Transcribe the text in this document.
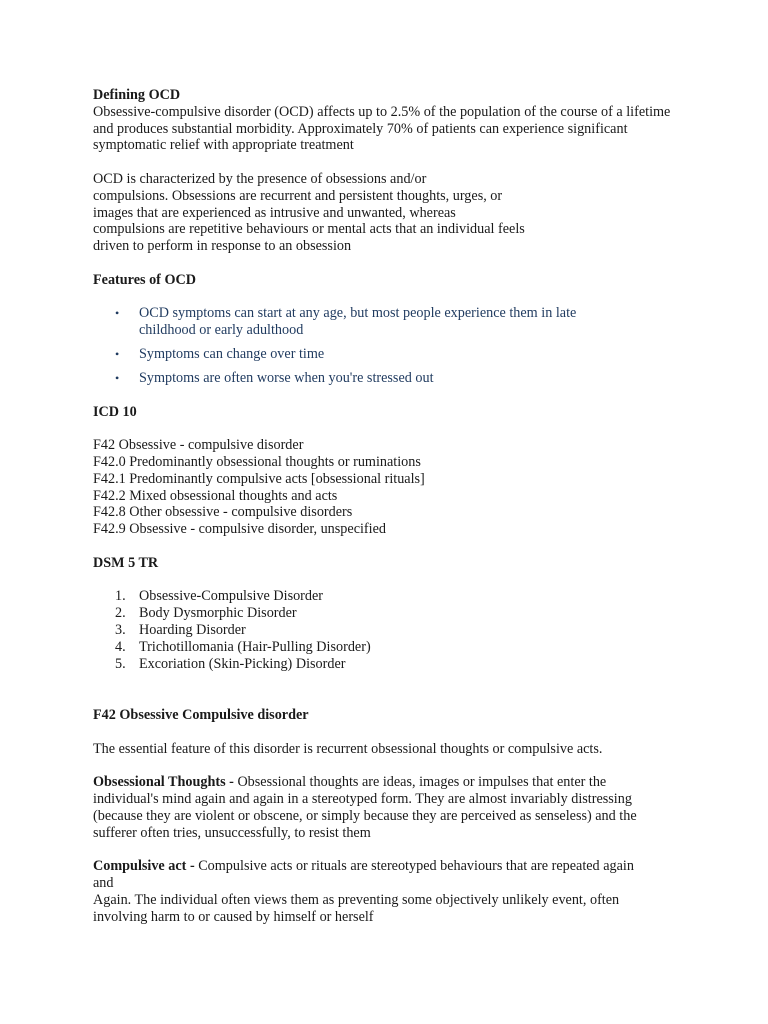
Defining OCD

Obsessive-compulsive disorder (OCD) affects up to 2.5% of the population of the course of a lifetime and produces substantial morbidity. Approximately 70% of patients can experience significant symptomatic relief with appropriate treatment

OCD is characterized by the presence of obsessions and/or

compulsions. Obsessions are recurrent and persistent thoughts, urges, or

images that are experienced as intrusive and unwanted, whereas

compulsions are repetitive behaviours or mental acts that an individual feels

driven to perform in response to an obsession

Features of OCD

• OCD symptoms can start at any age, but most people experience them in late childhood or early adulthood
• Symptoms can change over time
• Symptoms are often worse when you're stressed out

ICD 10

F42 Obsessive - compulsive disorder

F42.0 Predominantly obsessional thoughts or ruminations

F42.1 Predominantly compulsive acts [obsessional rituals]

F42.2 Mixed obsessional thoughts and acts

F42.8 Other obsessive - compulsive disorders

F42.9 Obsessive - compulsive disorder, unspecified

DSM 5 TR

1. Obsessive-Compulsive Disorder
2. Body Dysmorphic Disorder
3. Hoarding Disorder
4. Trichotillomania (Hair-Pulling Disorder)
5. Excoriation (Skin-Picking) Disorder

F42 Obsessive Compulsive disorder

The essential feature of this disorder is recurrent obsessional thoughts or compulsive acts.

Obsessional Thoughts - Obsessional thoughts are ideas, images or impulses that enter the individual's mind again and again in a stereotyped form. They are almost invariably distressing (because they are violent or obscene, or simply because they are perceived as senseless) and the sufferer often tries, unsuccessfully, to resist them

Compulsive act - Compulsive acts or rituals are stereotyped behaviours that are repeated again and

Again. The individual often views them as preventing some objectively unlikely event, often involving harm to or caused by himself or herself
